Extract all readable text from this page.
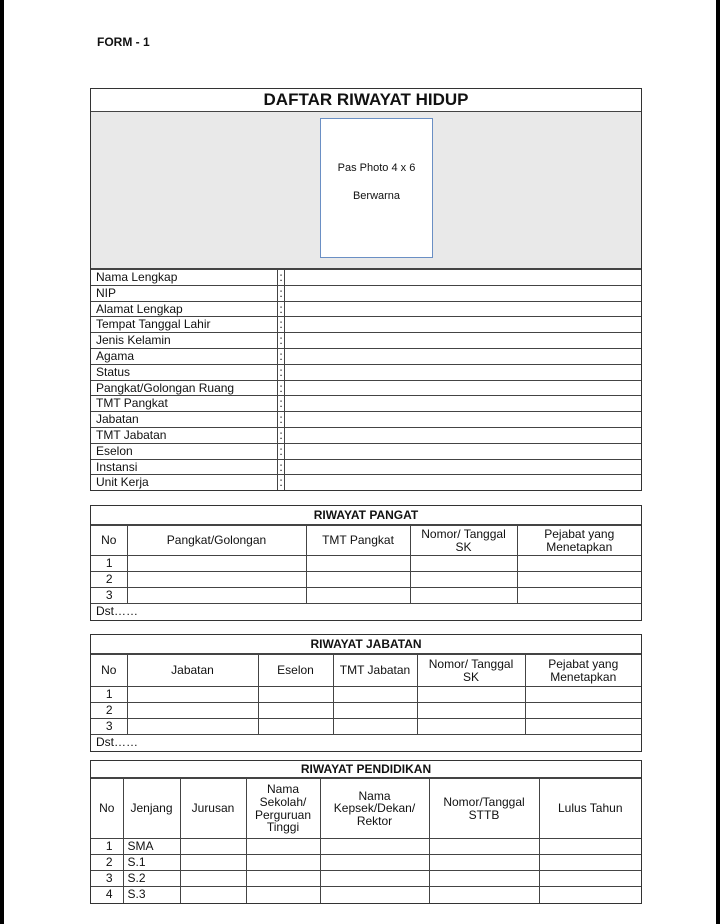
FORM - 1
DAFTAR RIWAYAT HIDUP
Pas Photo 4 x 6
Berwarna
Nama Lengkap	:	
NIP	:	
Alamat Lengkap	:	
Tempat Tanggal Lahir	:	
Jenis Kelamin	:	
Agama	:	
Status	:	
Pangkat/Golongan Ruang	:	
TMT Pangkat	:	
Jabatan	:	
TMT Jabatan	:	
Eselon	:	
Instansi	:	
Unit Kerja	:	
RIWAYAT PANGAT
No	Pangkat/Golongan	TMT Pangkat	Nomor/ Tanggal SK	Pejabat yang Menetapkan
1				
2				
3				
Dst……				
RIWAYAT JABATAN
No	Jabatan	Eselon	TMT Jabatan	Nomor/ Tanggal SK	Pejabat yang Menetapkan
1					
2					
3					
Dst……					
RIWAYAT PENDIDIKAN
No	Jenjang	Jurusan	Nama Sekolah/ Perguruan Tinggi	Nama Kepsek/Dekan/ Rektor	Nomor/Tanggal STTB	Lulus Tahun
1	SMA					
2	S.1					
3	S.2					
4	S.3					
